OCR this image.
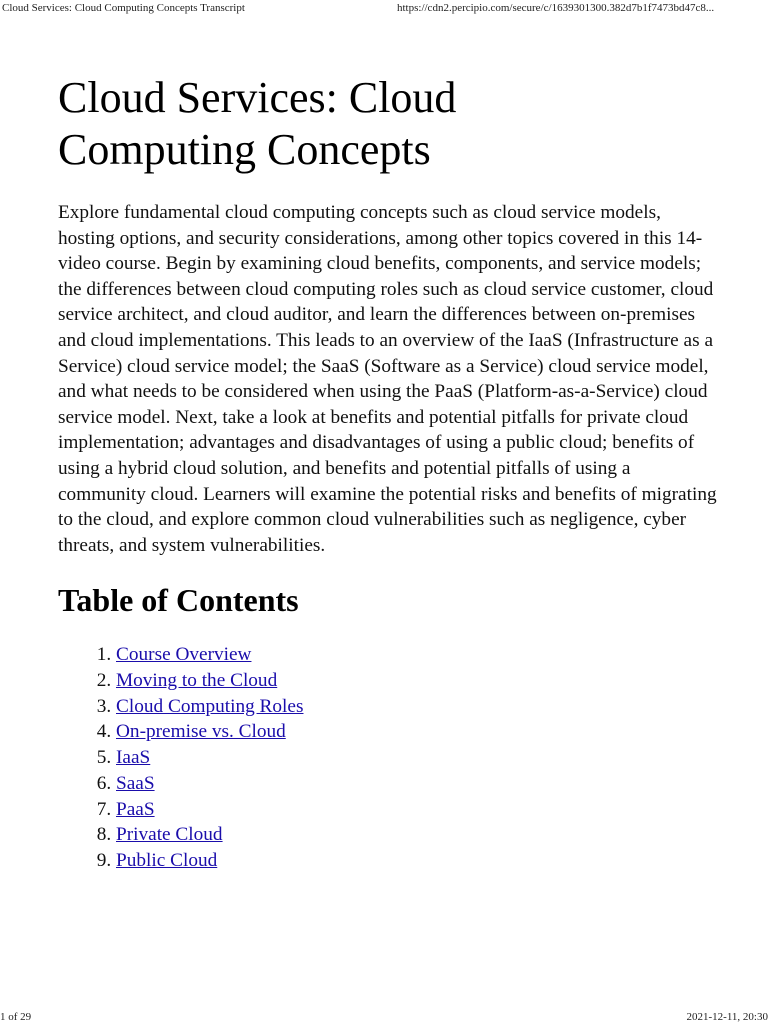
Cloud Services: Cloud Computing Concepts Transcript	https://cdn2.percipio.com/secure/c/1639301300.382d7b1f7473bd47c8...
Cloud Services: Cloud Computing Concepts

Explore fundamental cloud computing concepts such as cloud service models, hosting options, and security considerations, among other topics covered in this 14-video course. Begin by examining cloud benefits, components, and service models; the differences between cloud computing roles such as cloud service customer, cloud service architect, and cloud auditor, and learn the differences between on-premises and cloud implementations. This leads to an overview of the IaaS (Infrastructure as a Service) cloud service model; the SaaS (Software as a Service) cloud service model, and what needs to be considered when using the PaaS (Platform-as-a-Service) cloud service model. Next, take a look at benefits and potential pitfalls for private cloud implementation; advantages and disadvantages of using a public cloud; benefits of using a hybrid cloud solution, and benefits and potential pitfalls of using a community cloud. Learners will examine the potential risks and benefits of migrating to the cloud, and explore common cloud vulnerabilities such as negligence, cyber threats, and system vulnerabilities.

Table of Contents
1. Course Overview
2. Moving to the Cloud
3. Cloud Computing Roles
4. On-premise vs. Cloud
5. IaaS
6. SaaS
7. PaaS
8. Private Cloud
9. Public Cloud
1 of 29	2021-12-11, 20:30
